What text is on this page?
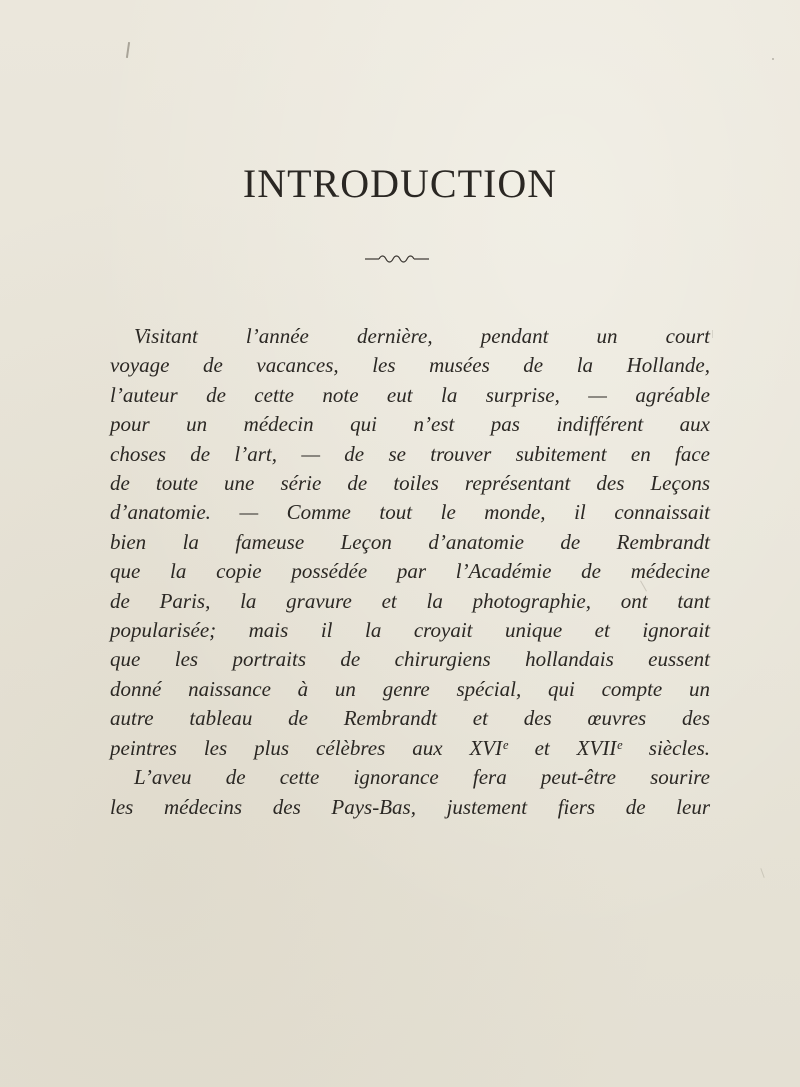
INTRODUCTION
Visitant l’année dernière, pendant un court
voyage de vacances, les musées de la Hollande,
l’auteur de cette note eut la surprise, — agréable
pour un médecin qui n’est pas indifférent aux
choses de l’art, — de se trouver subitement en face
de toute une série de toiles représentant des Leçons
d’anatomie. — Comme tout le monde, il connaissait
bien la fameuse Leçon d’anatomie de Rembrandt
que la copie possédée par l’Académie de médecine
de Paris, la gravure et la photographie, ont tant
popularisée; mais il la croyait unique et ignorait
que les portraits de chirurgiens hollandais eussent
donné naissance à un genre spécial, qui compte un
autre tableau de Rembrandt et des œuvres des
peintres les plus célèbres aux XVIᵉ et XVIIᵉ siècles.
L’aveu de cette ignorance fera peut-être sourire
les médecins des Pays-Bas, justement fiers de leur
